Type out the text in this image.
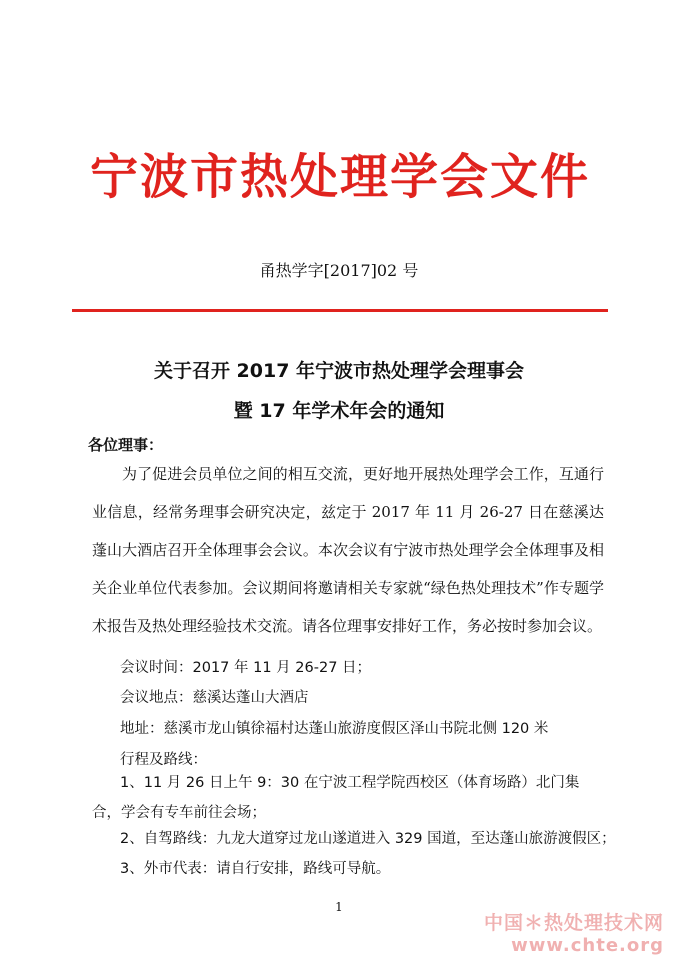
宁波市热处理学会文件
甬热学字[2017]02 号
关于召开 2017 年宁波市热处理学会理事会
暨 17 年学术年会的通知
各位理事：
为了促进会员单位之间的相互交流，更好地开展热处理学会工作，互通行业信息，经常务理事会研究决定，兹定于 2017 年 11 月 26-27 日在慈溪达蓬山大酒店召开全体理事会会议。本次会议有宁波市热处理学会全体理事及相关企业单位代表参加。会议期间将邀请相关专家就“绿色热处理技术”作专题学术报告及热处理经验技术交流。请各位理事安排好工作，务必按时参加会议。
会议时间：2017 年 11 月 26-27 日；
会议地点：慈溪达蓬山大酒店
地址：慈溪市龙山镇徐福村达蓬山旅游度假区泽山书院北侧 120 米
行程及路线：
1、11 月 26 日上午 9：30 在宁波工程学院西校区（体育场路）北门集合，学会有专车前往会场；
2、自驾路线：九龙大道穿过龙山遂道进入 329 国道，至达蓬山旅游渡假区；
3、外市代表：请自行安排，路线可导航。
1
中国＊热处理技术网
www.chte.org
